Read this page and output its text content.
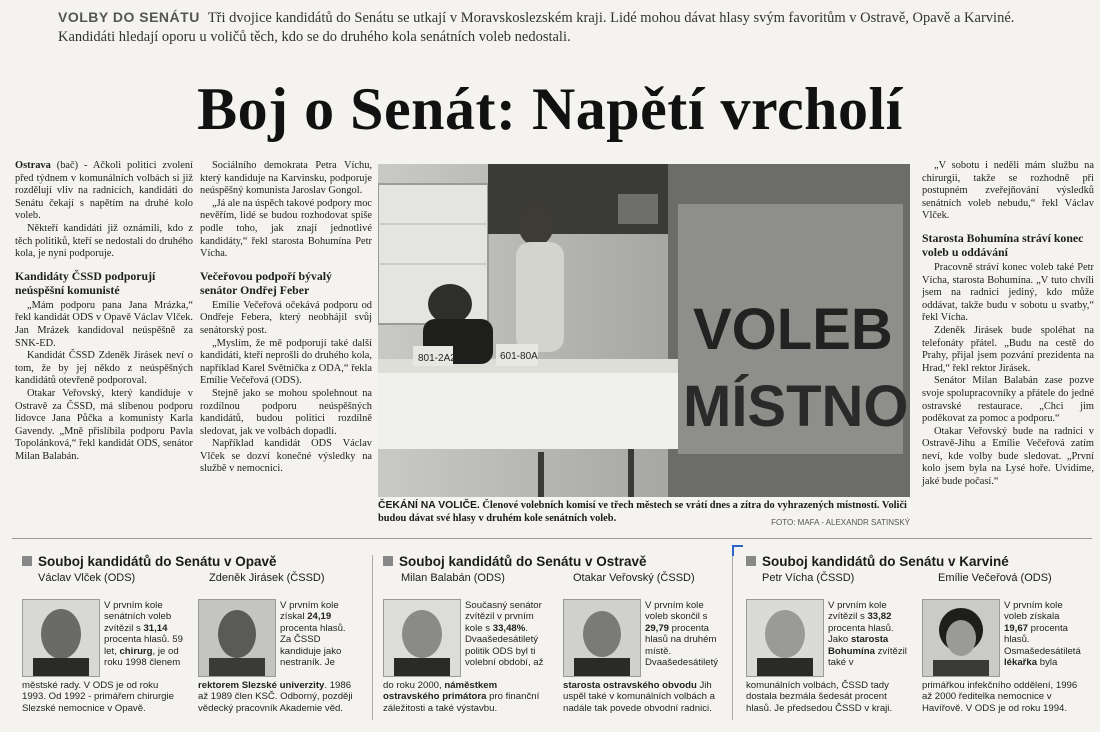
VOLBY DO SENÁTU Tři dvojice kandidátů do Senátu se utkají v Moravskoslezském kraji. Lidé mohou dávat hlasy svým favoritům v Ostravě, Opavě a Karviné. Kandidáti hledají oporu u voličů těch, kdo se do druhého kola senátních voleb nedostali.
Boj o Senát: Napětí vrcholí

Ostrava (bač) - Ačkoli politici zvolení před týdnem v komunálních volbách si již rozdělují vliv na radnicích, kandidáti do Senátu čekají s napětím na druhé kolo voleb.

Někteří kandidáti již oznámili, kdo z těch politiků, kteří se nedostali do druhého kola, je nyní podporuje.

Kandidáty ČSSD podporují neúspěšní komunisté

„Mám podporu pana Jana Mrázka,“ řekl kandidát ODS v Opavě Václav Vlček. Jan Mrázek kandidoval neúspěšně za SNK-ED.

Kandidát ČSSD Zdeněk Jirásek neví o tom, že by jej někdo z neúspěšných kandidátů otevřeně podporoval.

Otakar Veřovský, který kandiduje v Ostravě za ČSSD, má slíbenou podporu lidovce Jana Půčka a komunisty Karla Gavendy. „Mně přislíbila podporu Pavla Topolánková,“ řekl kandidát ODS, senátor Milan Balabán.

Sociálního demokrata Petra Víchu, který kandiduje na Karvinsku, podporuje neúspěšný komunista Jaroslav Gongol.

„Já ale na úspěch takové podpory moc nevěřím, lidé se budou rozhodovat spíše podle toho, jak znají jednotlivé kandidáty,“ řekl starosta Bohumína Petr Vícha.

Večeřovou podpoří bývalý senátor Ondřej Feber

Emílie Večeřová očekává podporu od Ondřeje Febera, který neobhájil svůj senátorský post.

„Myslím, že mě podporují také další kandidáti, kteří neprošli do druhého kola, například Karel Světnička z ODA,“ řekla Emílie Večeřová (ODS).

Stejně jako se mohou spolehnout na rozdílnou podporu neúspěšných kandidátů, budou politici rozdílně sledovat, jak ve volbách dopadli.

Například kandidát ODS Václav Vlček se dozví konečné výsledky na službě v nemocnici.

801-2A2	601-80A	VOLEB
MÍSTNO
ČEKÁNÍ NA VOLIČE. Členové volebních komisí ve třech městech se vrátí dnes a zítra do vyhrazených místností. Voliči budou dávat své hlasy v druhém kole senátních voleb.	FOTO: MAFA - ALEXANDR SATINSKÝ

„V sobotu i neděli mám službu na chirurgii, takže se rozhodně při postupném zveřejňování výsledků senátních voleb nebudu,“ řekl Václav Vlček.

Starosta Bohumína stráví konec voleb u oddávání

Pracovně stráví konec voleb také Petr Vícha, starosta Bohumína. „V tuto chvíli jsem na radnici jediný, kdo může oddávat, takže budu v sobotu u svatby,“ řekl Vícha.

Zdeněk Jirásek bude spoléhat na telefonáty přátel. „Budu na cestě do Prahy, přijal jsem pozvání prezidenta na Hrad,“ řekl rektor Jirásek.

Senátor Milan Balabán zase pozve svoje spolupracovníky a přátele do jedné ostravské restaurace. „Chci jim poděkovat za pomoc a podporu.“

Otakar Veřovský bude na radnici v Ostravě-Jihu a Emílie Večeřová zatím neví, kde volby bude sledovat. „První kolo jsem byla na Lysé hoře. Uvidíme, jaké bude počasí.“

Souboj kandidátů do Senátu v Opavě
Václav Vlček (ODS)	Zdeněk Jirásek (ČSSD)
V prvním kole
senátních voleb
zvítězil s 31,14
procenta hlasů. 59
let, chirurg, je od
roku 1998 členem
městské rady. V ODS je od roku
1993. Od 1992 - primářem chirurgie
Slezské nemocnice v Opavě.
V prvním kole
získal 24,19
procenta hlasů.
Za ČSSD
kandiduje jako
nestraník. Je
rektorem Slezské univerzity. 1986
až 1989 člen KSČ. Odborný, později
vědecký pracovník Akademie věd.
Souboj kandidátů do Senátu v Ostravě
Milan Balabán (ODS)	Otakar Veřovský (ČSSD)
Současný senátor
zvítězil v prvním
kole s 33,48%.
Dvaašedesátiletý
politik ODS byl ti
volební období, až
do roku 2000, náměstkem
ostravského primátora pro finanční
záležitosti a také výstavbu.
V prvním kole
voleb skončil s
29,79 procenta
hlasů na druhém
místě.
Dvaašedesátiletý
starosta ostravského obvodu Jih
uspěl také v komunálních volbách a
nadále tak povede obvodní radnici.
Souboj kandidátů do Senátu v Karviné
Petr Vícha (ČSSD)	Emílie Večeřová (ODS)
V prvním kole
zvítězil s 33,82
procenta hlasů.
Jako starosta
Bohumína zvítězil
také v
komunálních volbách, ČSSD tady
dostala bezmála šedesát procent
hlasů. Je předsedou ČSSD v kraji.
V prvním kole
voleb získala
19,67 procenta
hlasů.
Osmašedesátiletá
lékařka byla
primářkou infekčního oddělení, 1996
až 2000 ředitelka nemocnice v
Havířově. V ODS je od roku 1994.
